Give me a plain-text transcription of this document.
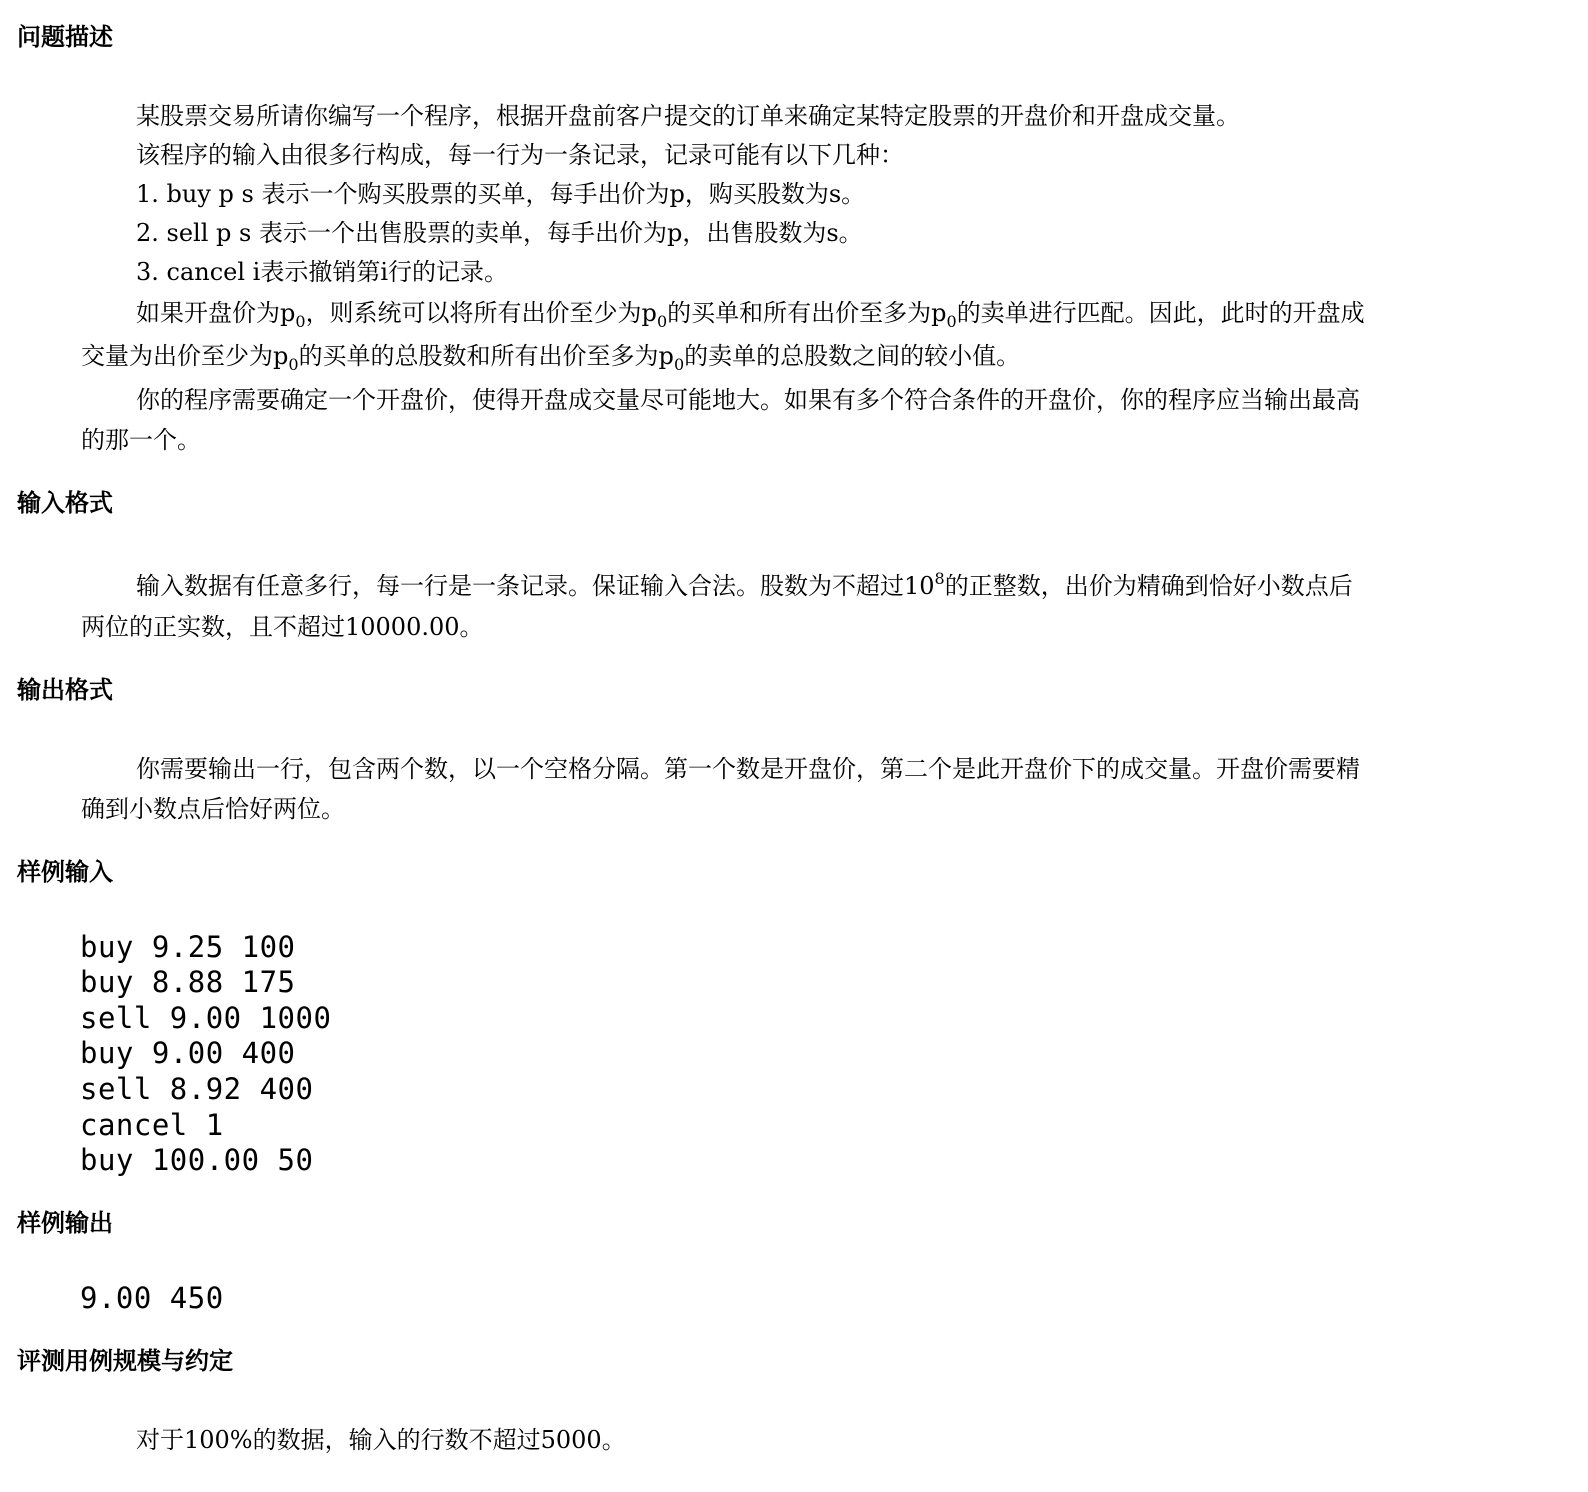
问题描述

某股票交易所请你编写一个程序，根据开盘前客户提交的订单来确定某特定股票的开盘价和开盘成交量。

该程序的输入由很多行构成，每一行为一条记录，记录可能有以下几种：

1. buy p s 表示一个购买股票的买单，每手出价为p，购买股数为s。

2. sell p s 表示一个出售股票的卖单，每手出价为p，出售股数为s。

3. cancel i表示撤销第i行的记录。

如果开盘价为$p_0$，则系统可以将所有出价至少为$p_0$的买单和所有出价至多为$p_0$的卖单进行匹配。因此，此时的开盘成

交量为出价至少为$p_0$的买单的总股数和所有出价至多为$p_0$的卖单的总股数之间的较小值。

你的程序需要确定一个开盘价，使得开盘成交量尽可能地大。如果有多个符合条件的开盘价，你的程序应当输出最高

的那一个。

输入格式

输入数据有任意多行，每一行是一条记录。保证输入合法。股数为不超过$10^8$的正整数，出价为精确到恰好小数点后

两位的正实数，且不超过10000.00。

输出格式

你需要输出一行，包含两个数，以一个空格分隔。第一个数是开盘价，第二个是此开盘价下的成交量。开盘价需要精

确到小数点后恰好两位。

样例输入
buy 9.25 100
buy 8.88 175
sell 9.00 1000
buy 9.00 400
sell 8.92 400
cancel 1
buy 100.00 50
样例输出
9.00 450
评测用例规模与约定

对于100%的数据，输入的行数不超过5000。
